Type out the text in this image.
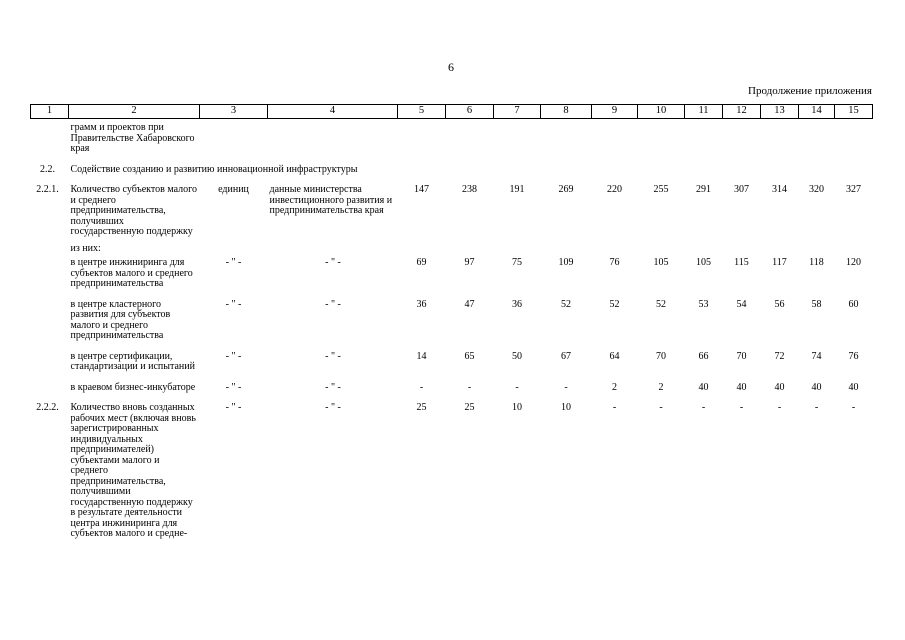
6
Продолжение приложения
1	2	3	4	5	6	7	8	9	10	11	12	13	14	15
	грамм и проектов при Правительстве Хабаровского края													
2.2.	Содействие созданию и развитию инновационной инфраструктуры													
2.2.1.	Количество субъектов малого и среднего предпринимательства, получивших государственную поддержку	единиц	данные министерства инвестиционного развития и предпринимательства края	147	238	191	269	220	255	291	307	314	320	327
	из них:													
	в центре инжиниринга для субъектов малого и среднего предпринимательства	- " -	- " -	69	97	75	109	76	105	105	115	117	118	120
	в центре кластерного развития для субъектов малого и среднего предпринимательства	- " -	- " -	36	47	36	52	52	52	53	54	56	58	60
	в центре сертификации, стандартизации и испытаний	- " -	- " -	14	65	50	67	64	70	66	70	72	74	76
	в краевом бизнес-инкубаторе	- " -	- " -	-	-	-	-	2	2	40	40	40	40	40
2.2.2.	Количество вновь созданных рабочих мест (включая вновь зарегистрированных индивидуальных предпринимателей) субъектами малого и среднего предпринимательства, получившими государственную поддержку в результате деятельности центра инжиниринга для субъектов малого и средне-	- " -	- " -	25	25	10	10	-	-	-	-	-	-	-
